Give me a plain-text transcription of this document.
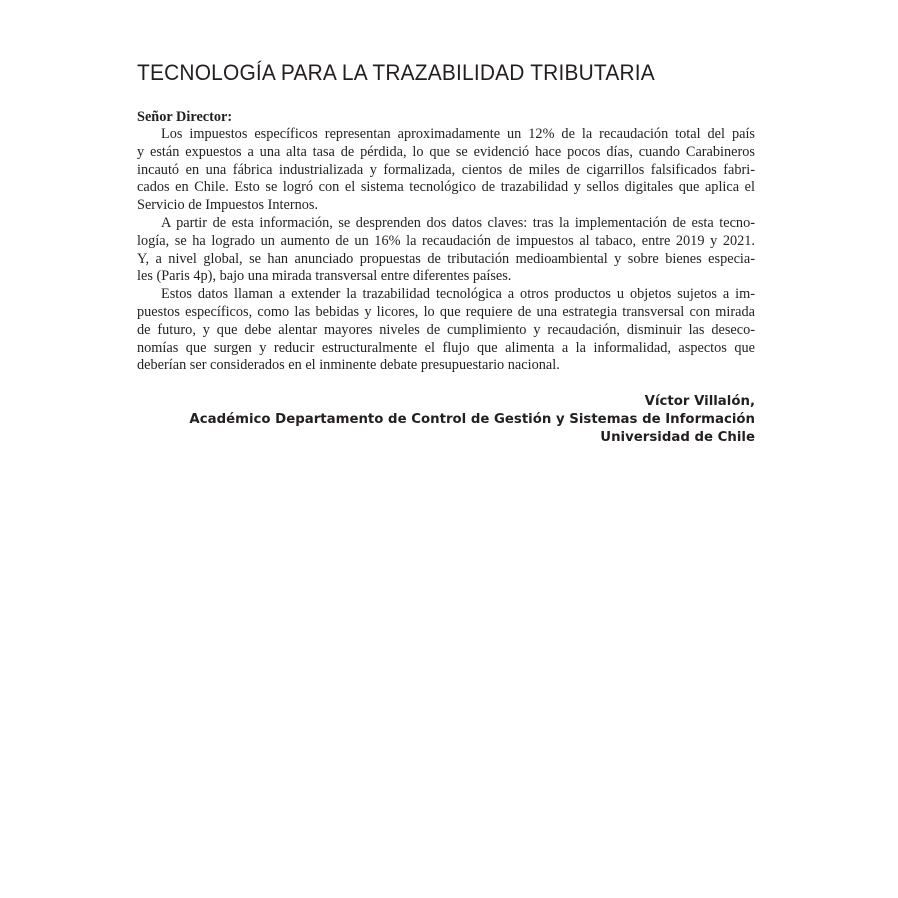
TECNOLOGÍA PARA LA TRAZABILIDAD TRIBUTARIA

Señor Director:

Los impuestos específicos representan aproximadamente un 12% de la recaudación total del país
y están expuestos a una alta tasa de pérdida, lo que se evidenció hace pocos días, cuando Carabineros
incautó en una fábrica industrializada y formalizada, cientos de miles de cigarrillos falsificados fabri-
cados en Chile. Esto se logró con el sistema tecnológico de trazabilidad y sellos digitales que aplica el
Servicio de Impuestos Internos.

A partir de esta información, se desprenden dos datos claves: tras la implementación de esta tecno-
logía, se ha logrado un aumento de un 16% la recaudación de impuestos al tabaco, entre 2019 y 2021.
Y, a nivel global, se han anunciado propuestas de tributación medioambiental y sobre bienes especia-
les (Paris 4p), bajo una mirada transversal entre diferentes países.

Estos datos llaman a extender la trazabilidad tecnológica a otros productos u objetos sujetos a im-
puestos específicos, como las bebidas y licores, lo que requiere de una estrategia transversal con mirada
de futuro, y que debe alentar mayores niveles de cumplimiento y recaudación, disminuir las deseco-
nomías que surgen y reducir estructuralmente el flujo que alimenta a la informalidad, aspectos que
deberían ser considerados en el inminente debate presupuestario nacional.

Víctor Villalón,
Académico Departamento de Control de Gestión y Sistemas de Información
Universidad de Chile
